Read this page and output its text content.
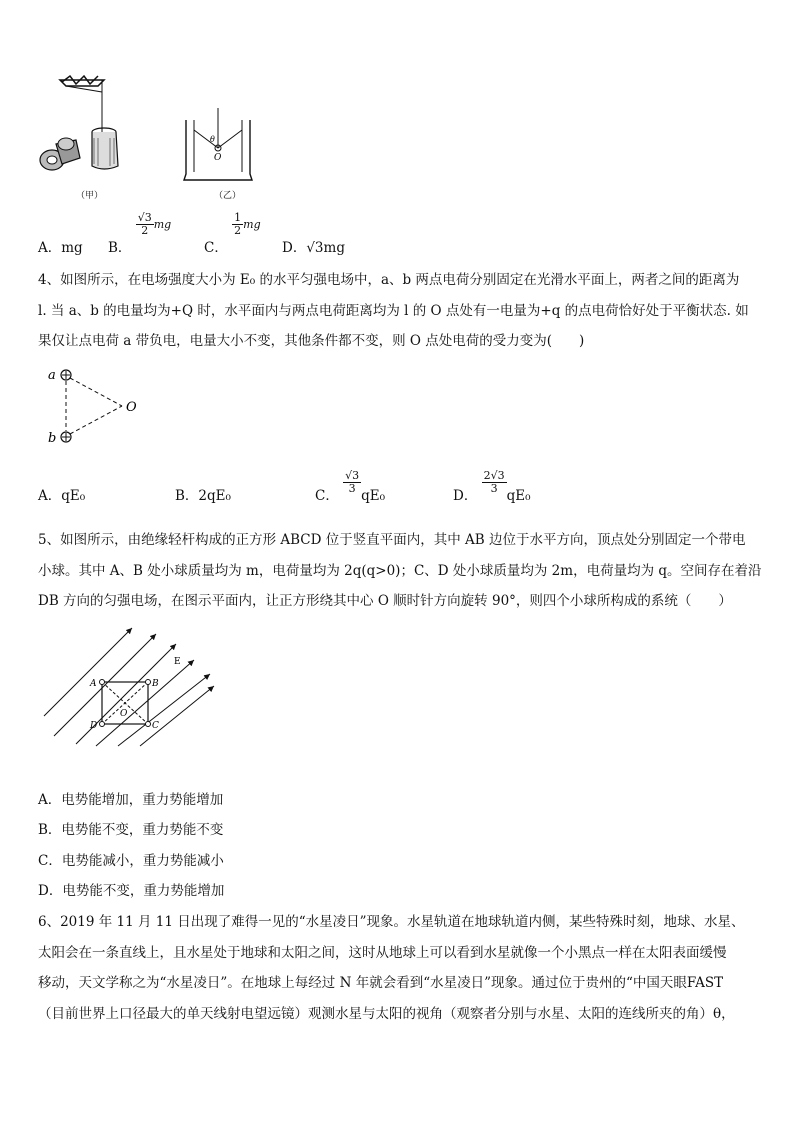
（甲）
θ
O
（乙）
A．mg B．
$\frac{√3}{2}$ mg
C．
$\frac{1}{2}$ mg
D．√3mg
4、如图所示，在电场强度大小为 E₀ 的水平匀强电场中，a、b 两点电荷分别固定在光滑水平面上，两者之间的距离为
l. 当 a、b 的电量均为+Q 时，水平面内与两点电荷距离均为 l 的 O 点处有一电量为+q 的点电荷恰好处于平衡状态. 如
果仅让点电荷 a 带负电，电量大小不变，其他条件都不变，则 O 点处电荷的受力变为(　　)
a
b
O
A．qE₀	B．2qE₀	C．
$\frac{√3}{3}$
qE₀	D．
$\frac{2√3}{3}$
qE₀
5、如图所示，由绝缘轻杆构成的正方形 ABCD 位于竖直平面内，其中 AB 边位于水平方向，顶点处分别固定一个带电
小球。其中 A、B 处小球质量均为 m，电荷量均为 2q(q>0)；C、D 处小球质量均为 2m，电荷量均为 q。空间存在着沿
DB 方向的匀强电场，在图示平面内，让正方形绕其中心 O 顺时针方向旋转 90°，则四个小球所构成的系统（　　）
E
A	B
C
D
O
A．电势能增加，重力势能增加
B．电势能不变，重力势能不变
C．电势能减小，重力势能减小
D．电势能不变，重力势能增加
6、2019 年 11 月 11 日出现了难得一见的“水星凌日”现象。水星轨道在地球轨道内侧，某些特殊时刻，地球、水星、
太阳会在一条直线上，且水星处于地球和太阳之间，这时从地球上可以看到水星就像一个小黑点一样在太阳表面缓慢
移动，天文学称之为“水星凌日”。在地球上每经过 N 年就会看到“水星凌日”现象。通过位于贵州的“中国天眼FAST
（目前世界上口径最大的单天线射电望远镜）观测水星与太阳的视角（观察者分别与水星、太阳的连线所夹的角）θ，
